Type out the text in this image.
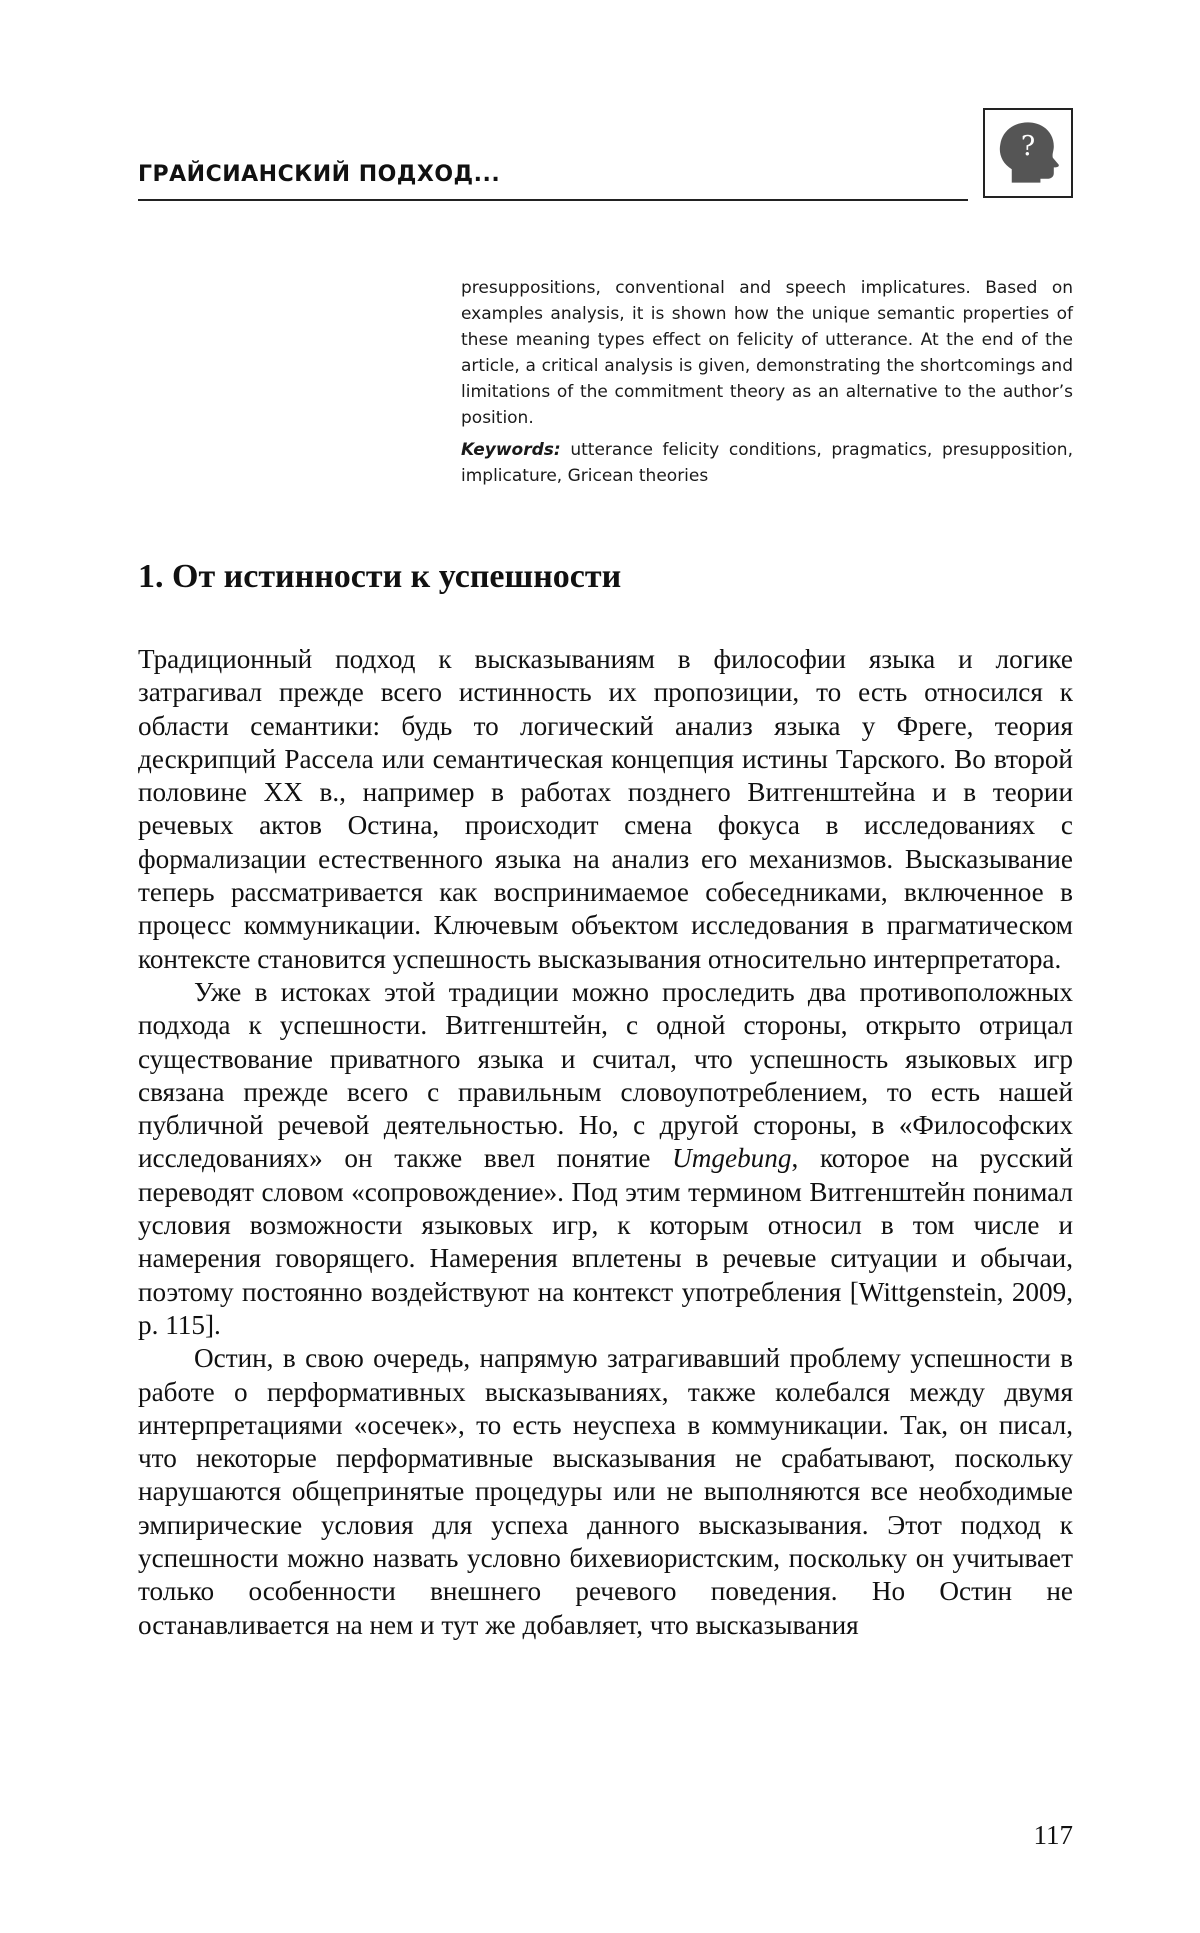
ГРАЙСИАНСКИЙ ПОДХОД...
?

presuppositions, conventional and speech implicatures. Based on examples analysis, it is shown how the unique semantic properties of these meaning types effect on felicity of utterance. At the end of the article, a critical analysis is given, demonstrating the shortcomings and limitations of the commitment theory as an alternative to the author’s position.

Keywords: utterance felicity conditions, pragmatics, presupposition, implicature, Gricean theories

1. От истинности к успешности

Традиционный подход к высказываниям в философии языка и логике затрагивал прежде всего истинность их пропозиции, то есть относился к области семантики: будь то логический анализ языка у Фреге, теория дескрипций Рассела или семантическая концепция истины Тарского. Во второй половине XX в., например в работах позднего Витгенштейна и в теории речевых актов Остина, происходит смена фокуса в исследованиях с формализации естественного языка на анализ его механизмов. Высказывание теперь рассматривается как воспринимаемое собеседниками, включенное в процесс коммуникации. Ключевым объектом исследования в прагматическом контексте становится успешность высказывания относительно интерпретатора.

Уже в истоках этой традиции можно проследить два противоположных подхода к успешности. Витгенштейн, с одной стороны, открыто отрицал существование приватного языка и считал, что успешность языковых игр связана прежде всего с правильным словоупотреблением, то есть нашей публичной речевой деятельностью. Но, с другой стороны, в «Философских исследованиях» он также ввел понятие Umgebung, которое на русский переводят словом «сопровождение». Под этим термином Витгенштейн понимал условия возможности языковых игр, к которым относил в том числе и намерения говорящего. Намерения вплетены в речевые ситуации и обычаи, поэтому постоянно воздействуют на контекст употребления [Wittgenstein, 2009, p. 115].

Остин, в свою очередь, напрямую затрагивавший проблему успешности в работе о перформативных высказываниях, также колебался между двумя интерпретациями «осечек», то есть неуспеха в коммуникации. Так, он писал, что некоторые перформативные высказывания не срабатывают, поскольку нарушаются общепринятые процедуры или не выполняются все необходимые эмпирические условия для успеха данного высказывания. Этот подход к успешности можно назвать условно бихевиористским, поскольку он учитывает только особенности внешнего речевого поведения. Но Остин не останавливается на нем и тут же добавляет, что высказывания

117
